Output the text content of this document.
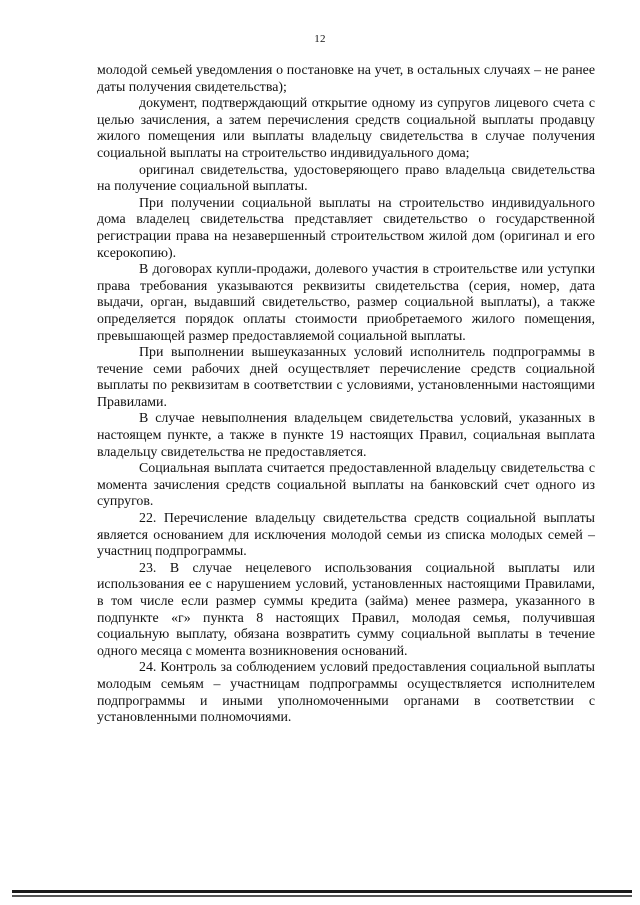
12

молодой семьей уведомления о постановке на учет, в остальных случаях – не ранее даты получения свидетельства);

документ, подтверждающий открытие одному из супругов лицевого счета с целью зачисления, а затем перечисления средств социальной выплаты продавцу жилого помещения или выплаты владельцу свидетельства в случае получения социальной выплаты на строительство индивидуального дома;

оригинал свидетельства, удостоверяющего право владельца свидетельства на получение социальной выплаты.

При получении социальной выплаты на строительство индивидуального дома владелец свидетельства представляет свидетельство о государственной регистрации права на незавершенный строительством жилой дом (оригинал и его ксерокопию).

В договорах купли-продажи, долевого участия в строительстве или уступки права требования указываются реквизиты свидетельства (серия, номер, дата выдачи, орган, выдавший свидетельство, размер социальной выплаты), а также определяется порядок оплаты стоимости приобретаемого жилого помещения, превышающей размер предоставляемой социальной выплаты.

При выполнении вышеуказанных условий исполнитель подпрограммы в течение семи рабочих дней осуществляет перечисление средств социальной выплаты по реквизитам в соответствии с условиями, установленными настоящими Правилами.

В случае невыполнения владельцем свидетельства условий, указанных в настоящем пункте, а также в пункте 19 настоящих Правил, социальная выплата владельцу свидетельства не предоставляется.

Социальная выплата считается предоставленной владельцу свидетельства с момента зачисления средств социальной выплаты на банковский счет одного из супругов.

22. Перечисление владельцу свидетельства средств социальной выплаты является основанием для исключения молодой семьи из списка молодых семей – участниц подпрограммы.

23. В случае нецелевого использования социальной выплаты или использования ее с нарушением условий, установленных настоящими Правилами, в том числе если размер суммы кредита (займа) менее размера, указанного в подпункте «г» пункта 8 настоящих Правил, молодая семья, получившая социальную выплату, обязана возвратить сумму социальной выплаты в течение одного месяца с момента возникновения оснований.

24. Контроль за соблюдением условий предоставления социальной выплаты молодым семьям – участницам подпрограммы осуществляется исполнителем подпрограммы и иными уполномоченными органами в соответствии с установленными полномочиями.
